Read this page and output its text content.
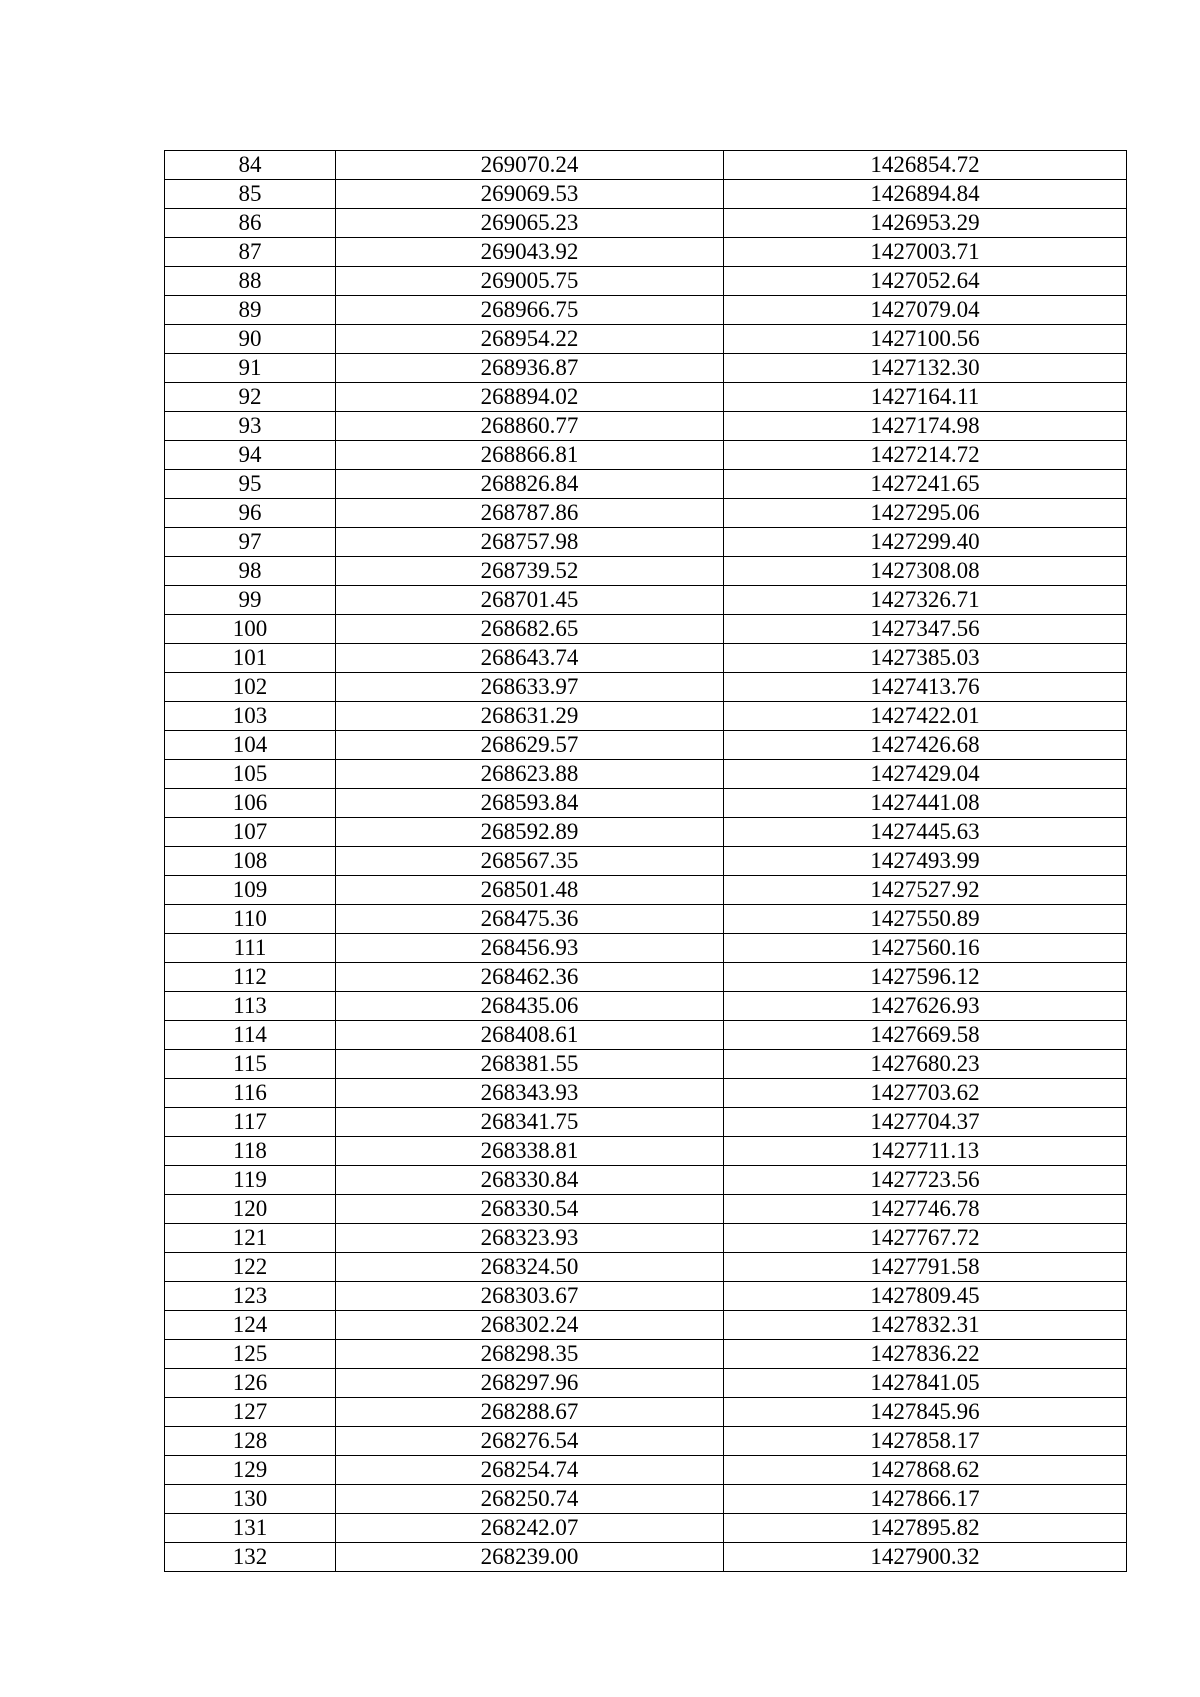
84	269070.24	1426854.72
85	269069.53	1426894.84
86	269065.23	1426953.29
87	269043.92	1427003.71
88	269005.75	1427052.64
89	268966.75	1427079.04
90	268954.22	1427100.56
91	268936.87	1427132.30
92	268894.02	1427164.11
93	268860.77	1427174.98
94	268866.81	1427214.72
95	268826.84	1427241.65
96	268787.86	1427295.06
97	268757.98	1427299.40
98	268739.52	1427308.08
99	268701.45	1427326.71
100	268682.65	1427347.56
101	268643.74	1427385.03
102	268633.97	1427413.76
103	268631.29	1427422.01
104	268629.57	1427426.68
105	268623.88	1427429.04
106	268593.84	1427441.08
107	268592.89	1427445.63
108	268567.35	1427493.99
109	268501.48	1427527.92
110	268475.36	1427550.89
111	268456.93	1427560.16
112	268462.36	1427596.12
113	268435.06	1427626.93
114	268408.61	1427669.58
115	268381.55	1427680.23
116	268343.93	1427703.62
117	268341.75	1427704.37
118	268338.81	1427711.13
119	268330.84	1427723.56
120	268330.54	1427746.78
121	268323.93	1427767.72
122	268324.50	1427791.58
123	268303.67	1427809.45
124	268302.24	1427832.31
125	268298.35	1427836.22
126	268297.96	1427841.05
127	268288.67	1427845.96
128	268276.54	1427858.17
129	268254.74	1427868.62
130	268250.74	1427866.17
131	268242.07	1427895.82
132	268239.00	1427900.32
